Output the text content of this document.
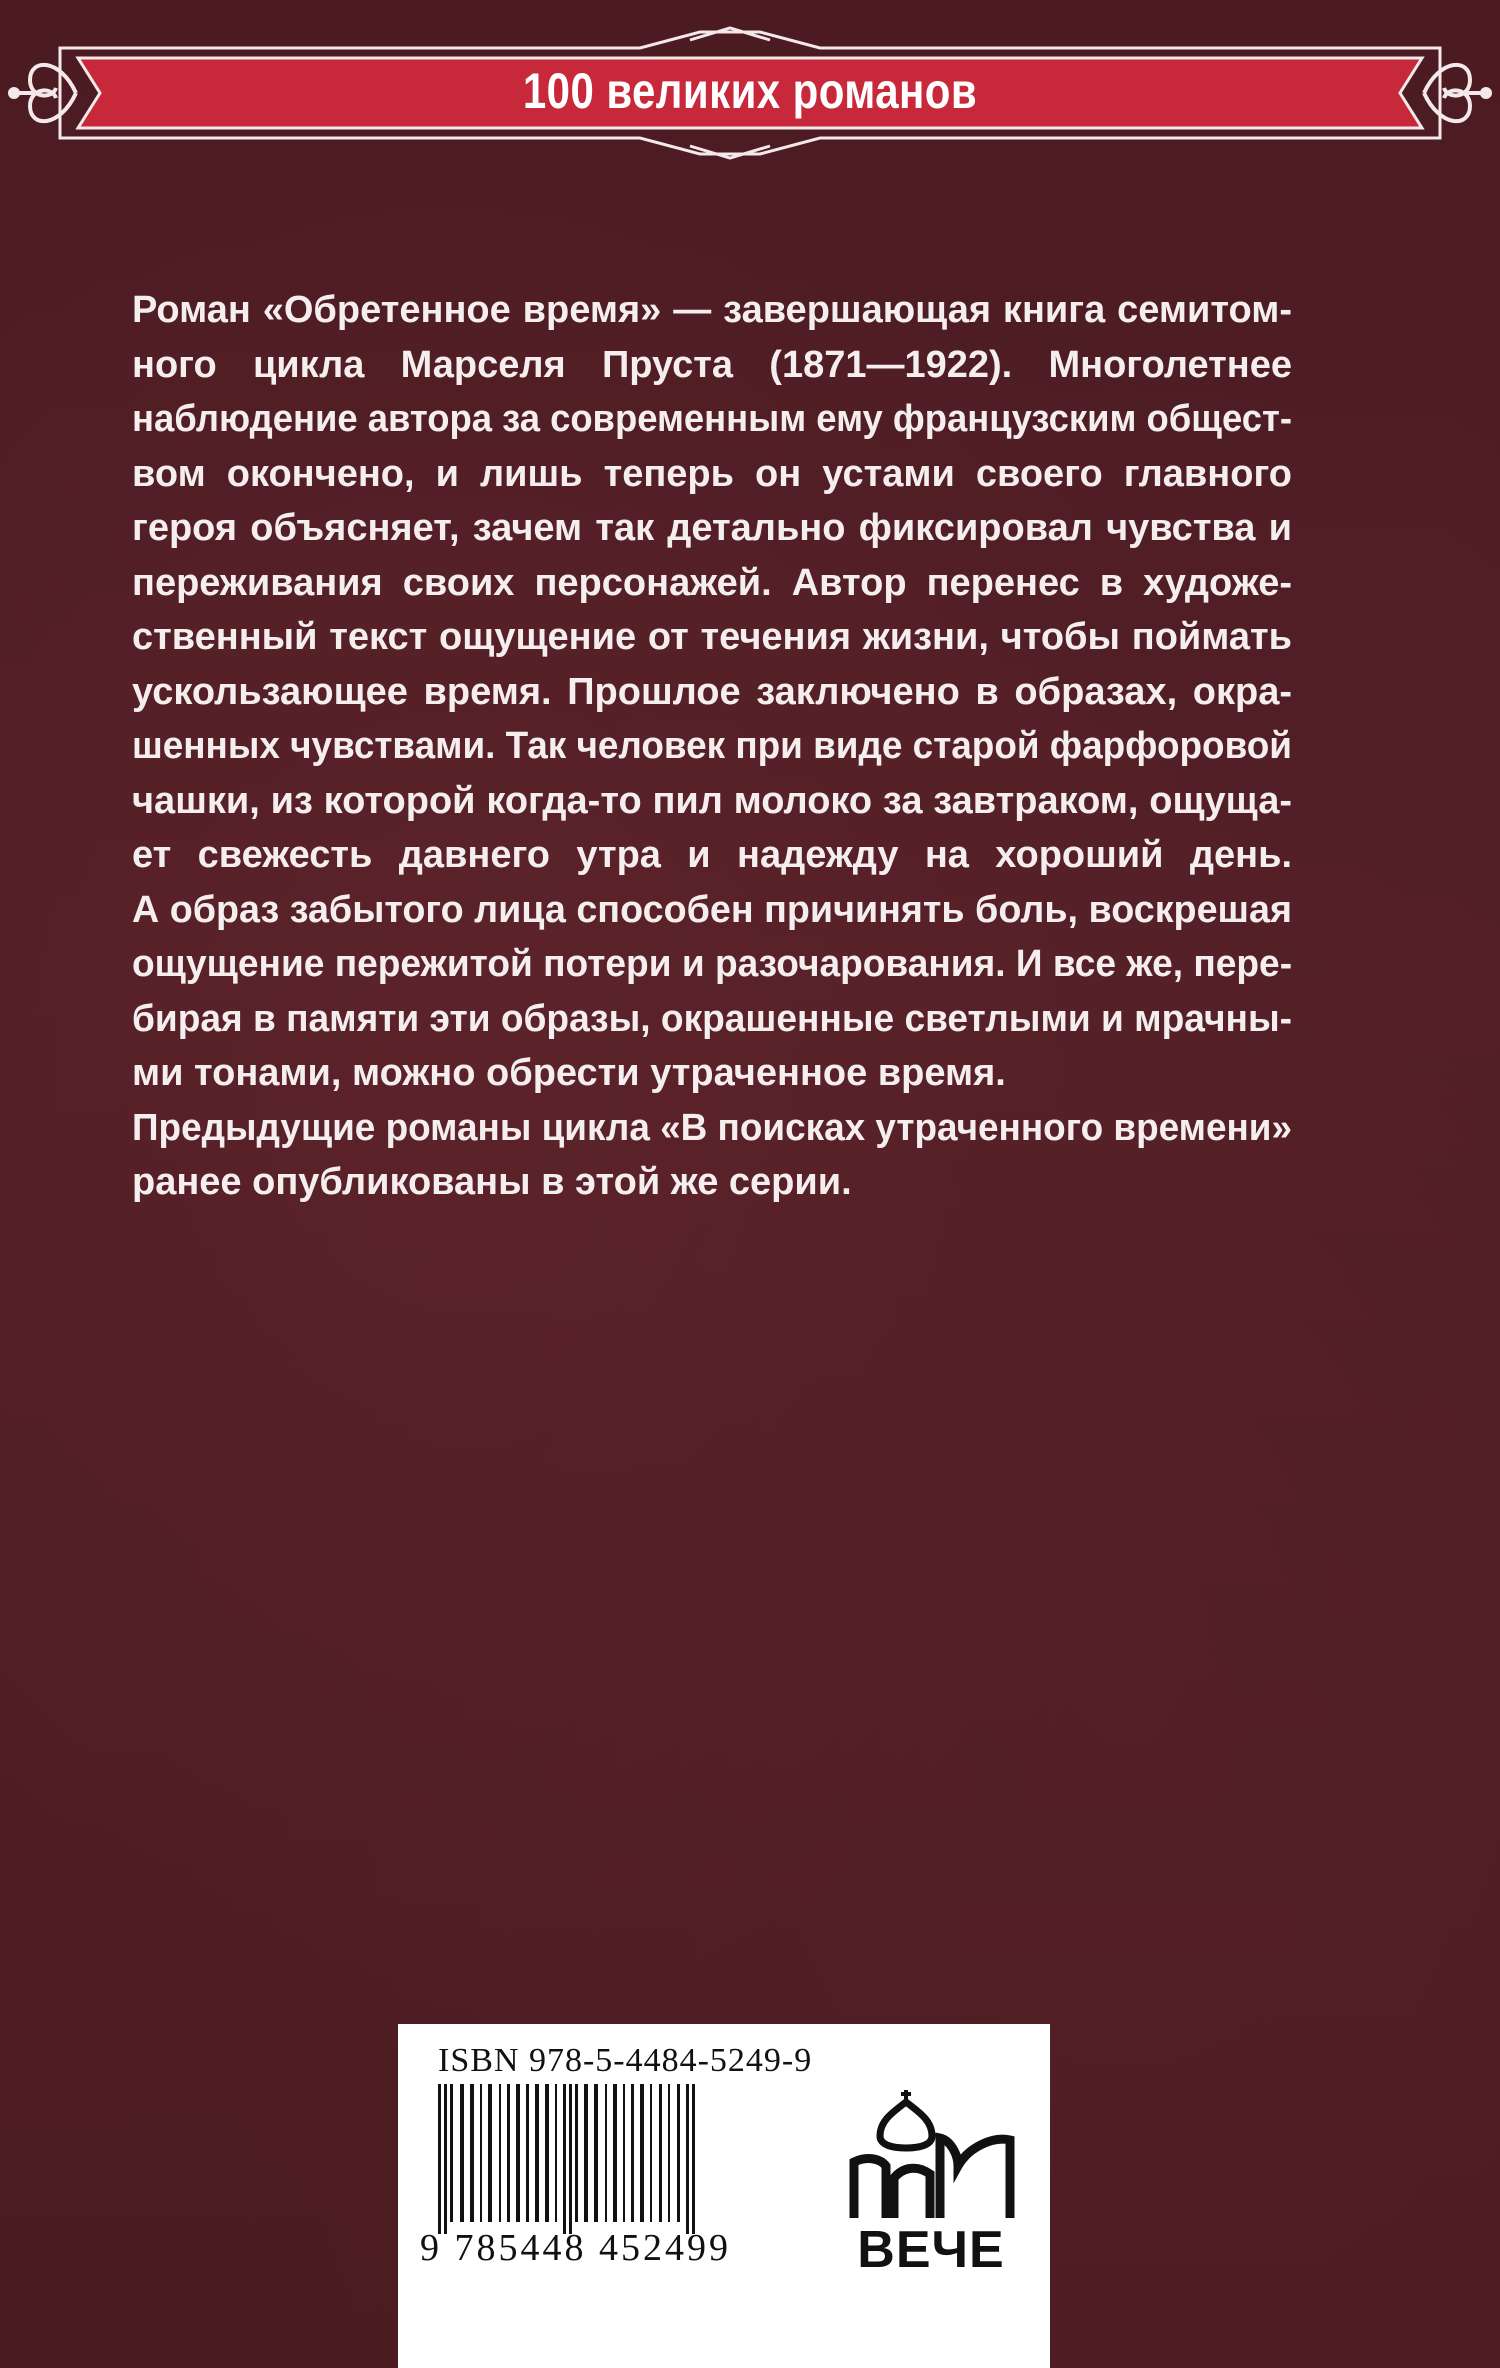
100 великих романов
Роман «Обретенное время» — завершающая книга семитом-
ного цикла Марселя Пруста (1871—1922). Многолетнее
наблюдение автора за современным ему французским общест-
вом окончено, и лишь теперь он устами своего главного
героя объясняет, зачем так детально фиксировал чувства и
переживания своих персонажей. Автор перенес в художе-
ственный текст ощущение от течения жизни, чтобы поймать
ускользающее время. Прошлое заключено в образах, окра-
шенных чувствами. Так человек при виде старой фарфоровой
чашки, из которой когда-то пил молоко за завтраком, ощуща-
ет свежесть давнего утра и надежду на хороший день.
А образ забытого лица способен причинять боль, воскрешая
ощущение пережитой потери и разочарования. И все же, пере-
бирая в памяти эти образы, окрашенные светлыми и мрачны-
ми тонами, можно обрести утраченное время.
Предыдущие романы цикла «В поисках утраченного времени»
ранее опубликованы в этой же серии.
ISBN 978-5-4484-5249-9
9 785448 452499 ВЕЧЕ
